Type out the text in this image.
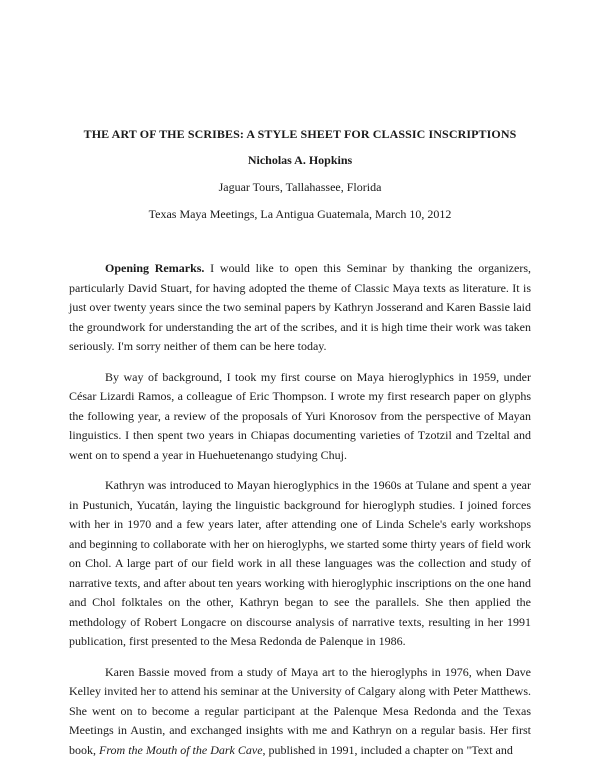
THE ART OF THE SCRIBES: A STYLE SHEET FOR CLASSIC INSCRIPTIONS
Nicholas A. Hopkins
Jaguar Tours, Tallahassee, Florida
Texas Maya Meetings, La Antigua Guatemala, March 10, 2012

Opening Remarks. I would like to open this Seminar by thanking the organizers, particularly David Stuart, for having adopted the theme of Classic Maya texts as literature. It is just over twenty years since the two seminal papers by Kathryn Josserand and Karen Bassie laid the groundwork for understanding the art of the scribes, and it is high time their work was taken seriously. I'm sorry neither of them can be here today.

By way of background, I took my first course on Maya hieroglyphics in 1959, under César Lizardi Ramos, a colleague of Eric Thompson. I wrote my first research paper on glyphs the following year, a review of the proposals of Yuri Knorosov from the perspective of Mayan linguistics. I then spent two years in Chiapas documenting varieties of Tzotzil and Tzeltal and went on to spend a year in Huehuetenango studying Chuj.

Kathryn was introduced to Mayan hieroglyphics in the 1960s at Tulane and spent a year in Pustunich, Yucatán, laying the linguistic background for hieroglyph studies. I joined forces with her in 1970 and a few years later, after attending one of Linda Schele's early workshops and beginning to collaborate with her on hieroglyphs, we started some thirty years of field work on Chol. A large part of our field work in all these languages was the collection and study of narrative texts, and after about ten years working with hieroglyphic inscriptions on the one hand and Chol folktales on the other, Kathryn began to see the parallels. She then applied the methdology of Robert Longacre on discourse analysis of narrative texts, resulting in her 1991 publication, first presented to the Mesa Redonda de Palenque in 1986.

Karen Bassie moved from a study of Maya art to the hieroglyphs in 1976, when Dave Kelley invited her to attend his seminar at the University of Calgary along with Peter Matthews. She went on to become a regular participant at the Palenque Mesa Redonda and the Texas Meetings in Austin, and exchanged insights with me and Kathryn on a regular basis. Her first book, From the Mouth of the Dark Cave, published in 1991, included a chapter on "Text and
